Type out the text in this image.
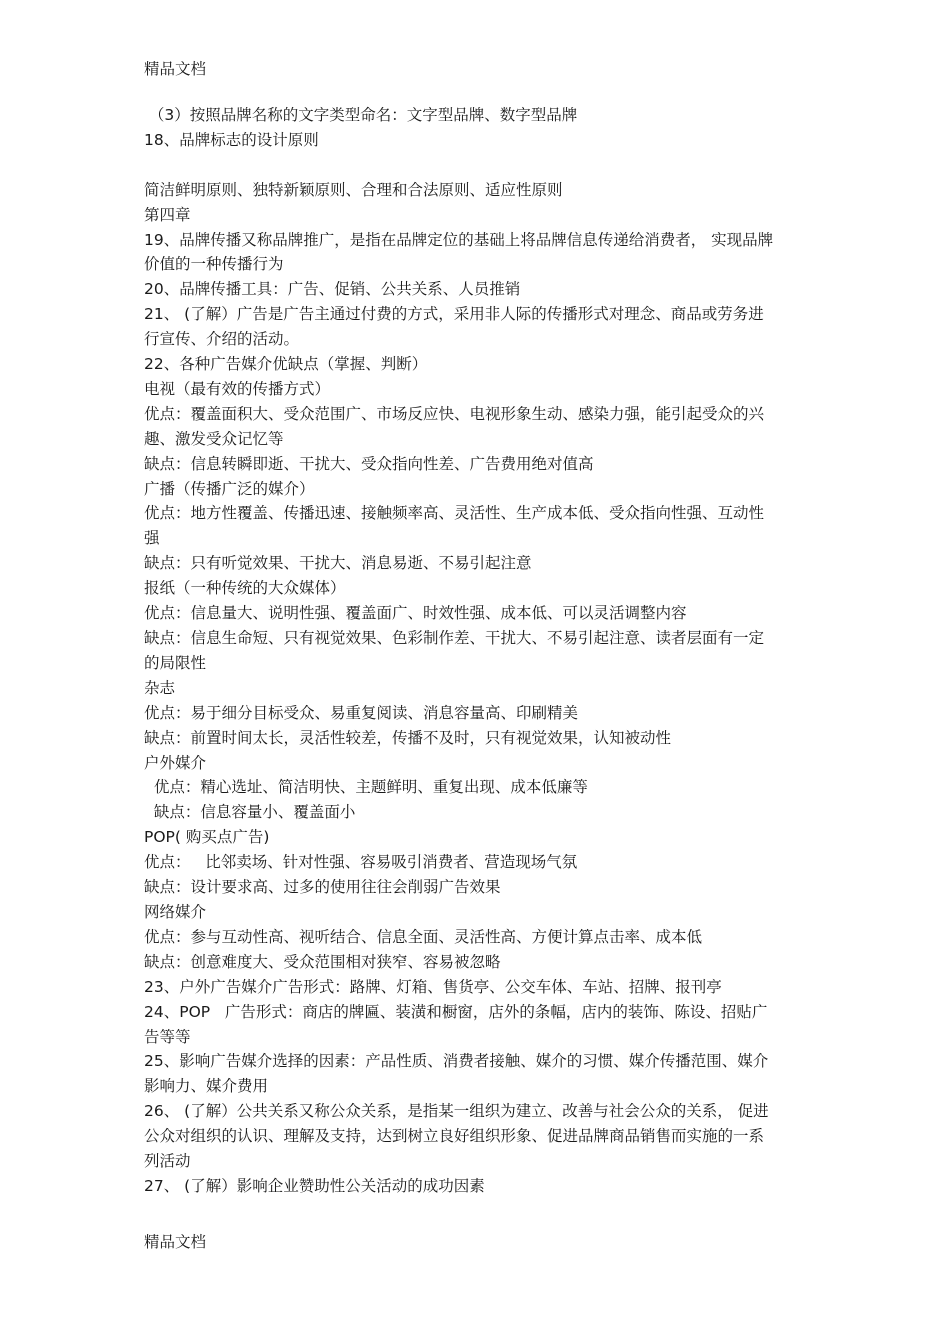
精品文档
（3）按照品牌名称的文字类型命名：文字型品牌、数字型品牌
18、品牌标志的设计原则
简洁鲜明原则、独特新颖原则、合理和合法原则、适应性原则
第四章
19、品牌传播又称品牌推广，是指在品牌定位的基础上将品牌信息传递给消费者， 实现品牌
价值的一种传播行为
20、品牌传播工具：广告、促销、公共关系、人员推销
21、 (了解）广告是广告主通过付费的方式，采用非人际的传播形式对理念、商品或劳务进
行宣传、介绍的活动。
22、各种广告媒介优缺点（掌握、判断）
电视（最有效的传播方式）
优点：覆盖面积大、受众范围广、市场反应快、电视形象生动、感染力强，能引起受众的兴
趣、激发受众记忆等
缺点：信息转瞬即逝、干扰大、受众指向性差、广告费用绝对值高
广播（传播广泛的媒介）
优点：地方性覆盖、传播迅速、接触频率高、灵活性、生产成本低、受众指向性强、互动性
强
缺点：只有听觉效果、干扰大、消息易逝、不易引起注意
报纸（一种传统的大众媒体）
优点：信息量大、说明性强、覆盖面广、时效性强、成本低、可以灵活调整内容
缺点：信息生命短、只有视觉效果、色彩制作差、干扰大、不易引起注意、读者层面有一定
的局限性
杂志
优点：易于细分目标受众、易重复阅读、消息容量高、印刷精美
缺点：前置时间太长，灵活性较差，传播不及时，只有视觉效果，认知被动性
户外媒介
优点：精心选址、简洁明快、主题鲜明、重复出现、成本低廉等
缺点：信息容量小、覆盖面小
POP( 购买点广告)
优点：   比邻卖场、针对性强、容易吸引消费者、营造现场气氛
缺点：设计要求高、过多的使用往往会削弱广告效果
网络媒介
优点：参与互动性高、视听结合、信息全面、灵活性高、方便计算点击率、成本低
缺点：创意难度大、受众范围相对狭窄、容易被忽略
23、户外广告媒介广告形式：路牌、灯箱、售货亭、公交车体、车站、招牌、报刊亭
24、POP   广告形式：商店的牌匾、装潢和橱窗，店外的条幅，店内的装饰、陈设、招贴广
告等等
25、影响广告媒介选择的因素：产品性质、消费者接触、媒介的习惯、媒介传播范围、媒介
影响力、媒介费用
26、 (了解）公共关系又称公众关系，是指某一组织为建立、改善与社会公众的关系， 促进
公众对组织的认识、理解及支持，达到树立良好组织形象、促进品牌商品销售而实施的一系
列活动
27、 (了解）影响企业赞助性公关活动的成功因素
精品文档
